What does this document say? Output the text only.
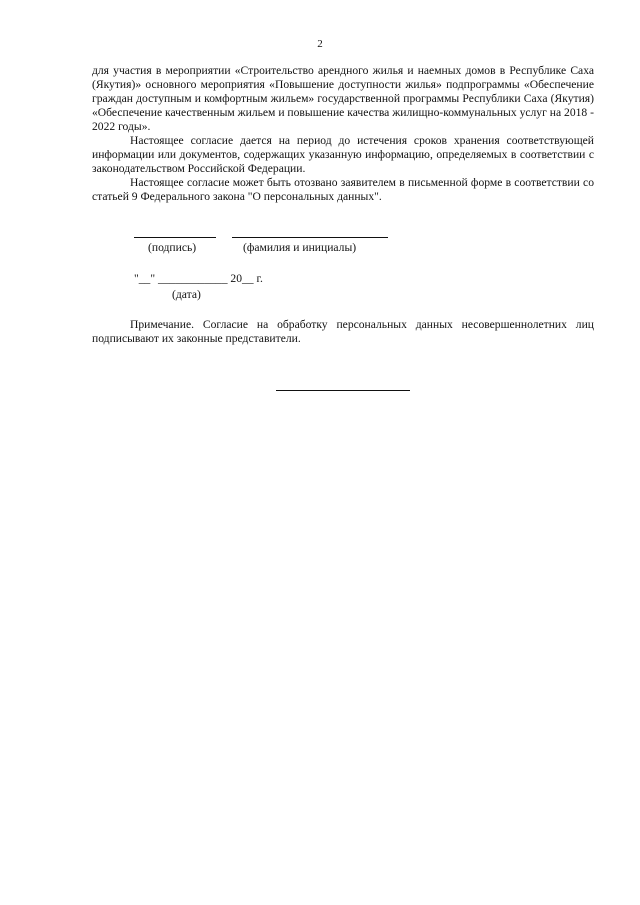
2

для участия в мероприятии «Строительство арендного жилья и наемных домов в Республике Саха (Якутия)» основного мероприятия «Повышение доступности жилья» подпрограммы «Обеспечение граждан доступным и комфортным жильем» государственной программы Республики Саха (Якутия) «Обеспечение качественным жильем и повышение качества жилищно-коммунальных услуг на 2018 - 2022 годы».

Настоящее согласие дается на период до истечения сроков хранения соответствующей информации или документов, содержащих указанную информацию, определяемых в соответствии с законодательством Российской Федерации.

Настоящее согласие может быть отозвано заявителем в письменной форме в соответствии со статьей 9 Федерального закона "О персональных данных".

(подпись)	(фамилия и инициалы)
"__" ____________ 20__ г.
(дата)

Примечание. Согласие на обработку персональных данных несовершеннолетних лиц подписывают их законные представители.
